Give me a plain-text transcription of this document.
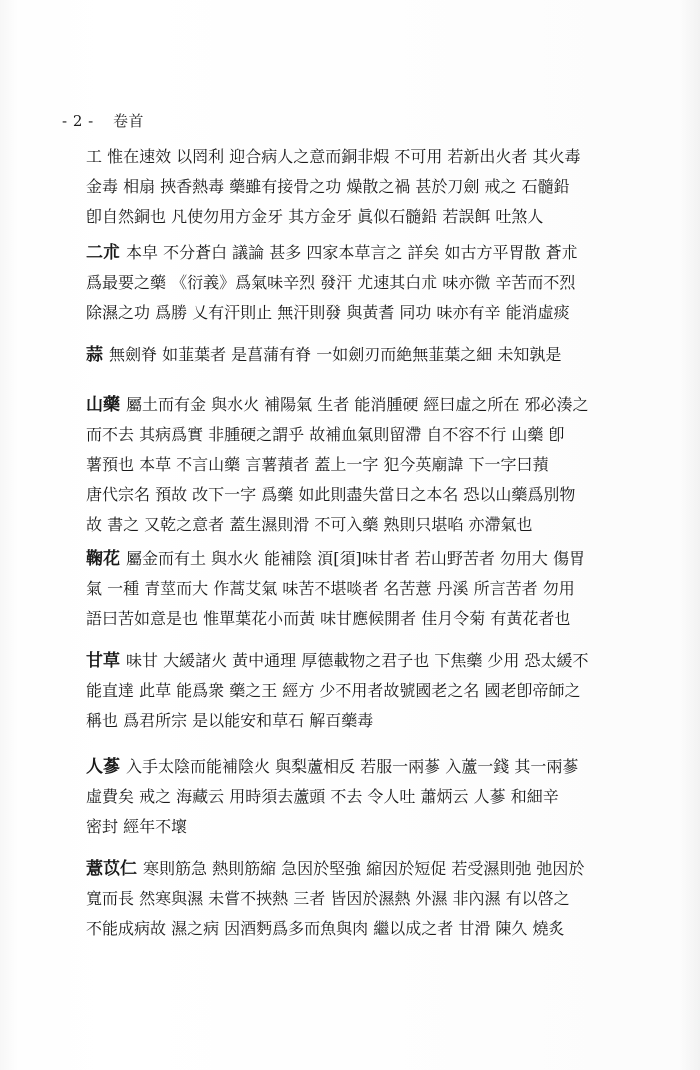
- 2 - 卷首
工 惟在速效 以罔利 迎合病人之意而銅非煆 不可用 若新出火者 其火毒
金毒 相扇 挾香熱毒 藥雖有接骨之功 燥散之禍 甚於刀劍 戒之 石髓鉛
卽自然銅也 凡使勿用方金牙 其方金牙 眞似石髓鉛 若誤餌 吐煞人
二朮 本皁 不分蒼白 議論 甚多 四家本草言之 詳矣 如古方平胃散 蒼朮
爲最要之藥 《衍義》爲氣味辛烈 發汗 尤速其白朮 味亦微 辛苦而不烈
除濕之功 爲勝 乂有汗則止 無汗則發 與黃耆 同功 味亦有辛 能消虛痰
蒜 無劍脊 如韮葉者 是菖蒲有脊 一如劍刃而絶無韮葉之細 未知孰是
山藥 屬土而有金 與水火 補陽氣 生者 能消腫硬 經曰虛之所在 邪必湊之
而不去 其病爲實 非腫硬之謂乎 故補血氣則留滯 自不容不行 山藥 卽
薯預也 本草 不言山藥 言薯蕷者 蓋上一字 犯今英廟諱 下一字曰蕷
唐代宗名 預故 改下一字 爲藥 如此則盡失當日之本名 恐以山藥爲別物
故 書之 又乾之意者 蓋生濕則滑 不可入藥 熟則只堪啗 亦滯氣也
鞠花 屬金而有土 與水火 能補陰 湏[須]味甘者 若山野苦者 勿用大 傷胃
氣 一種 青莖而大 作蒿艾氣 味苦不堪啖者 名苦薏 丹溪 所言苦者 勿用
語曰苦如意是也 惟單葉花小而黃 味甘應候開者 佳月令菊 有黃花者也
甘草 味甘 大緩諸火 黃中通理 厚德載物之君子也 下焦藥 少用 恐太緩不
能直達 此草 能爲衆 藥之王 經方 少不用者故號國老之名 國老卽帝師之
稱也 爲君所宗 是以能安和草石 解百藥毒
人蔘 入手太陰而能補陰火 與梨蘆相反 若服一兩蔘 入蘆一錢 其一兩蔘
虛費矣 戒之 海藏云 用時須去蘆頭 不去 令人吐 蕭炳云 人蔘 和細辛
密封 經年不壞
薏苡仁 寒則筋急 熱則筋縮 急因於堅強 縮因於短促 若受濕則弛 弛因於
寬而長 然寒與濕 未嘗不挾熱 三者 皆因於濕熱 外濕 非內濕 有以啓之
不能成病故 濕之病 因酒麪爲多而魚與肉 繼以成之者 甘滑 陳久 燒炙
